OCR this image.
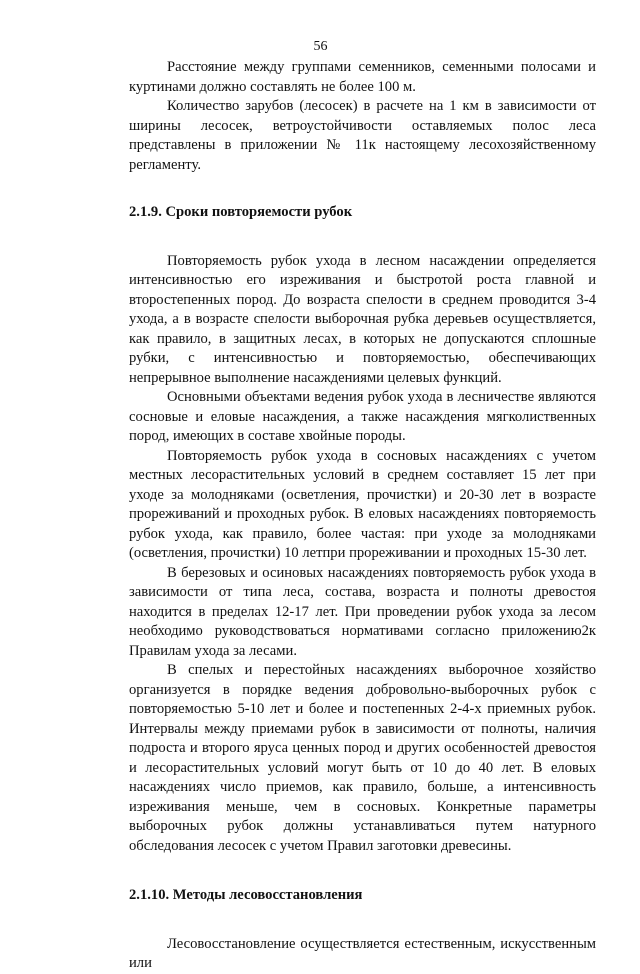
56

Расстояние между группами семенников, семенными полосами и куртинами должно составлять не более 100 м.

Количество зарубов (лесосек) в расчете на 1 км в зависимости от ширины лесосек, ветроустойчивости оставляемых полос леса представлены в приложении № 11к настоящему лесохозяйственному регламенту.

2.1.9. Сроки повторяемости рубок

Повторяемость рубок ухода в лесном насаждении определяется интенсивностью его изреживания и быстротой роста главной и второстепенных пород. До возраста спелости в среднем проводится 3-4 ухода, а в возрасте спелости выборочная рубка деревьев осуществляется, как правило, в защитных лесах, в которых не допускаются сплошные рубки, с интенсивностью и повторяемостью, обеспечивающих непрерывное выполнение насаждениями целевых функций.

Основными объектами ведения рубок ухода в лесничестве являются сосновые и еловые насаждения, а также насаждения мягколиственных пород, имеющих в составе хвойные породы.

Повторяемость рубок ухода в сосновых насаждениях с учетом местных лесорастительных условий в среднем составляет 15 лет при уходе за молодняками (осветления, прочистки) и 20-30 лет в возрасте прореживаний и проходных рубок. В еловых насаждениях повторяемость рубок ухода, как правило, более частая: при уходе за молодняками (осветления, прочистки) 10 летпри прореживании и проходных 15-30 лет.

В березовых и осиновых насаждениях повторяемость рубок ухода в зависимости от типа леса, состава, возраста и полноты древостоя находится в пределах 12-17 лет. При проведении рубок ухода за лесом необходимо руководствоваться нормативами согласно приложению2к Правилам ухода за лесами.

В спелых и перестойных насаждениях выборочное хозяйство организуется в порядке ведения добровольно-выборочных рубок с повторяемостью 5-10 лет и более и постепенных 2-4-х приемных рубок. Интервалы между приемами рубок в зависимости от полноты, наличия подроста и второго яруса ценных пород и других особенностей древостоя и лесорастительных условий могут быть от 10 до 40 лет. В еловых насаждениях число приемов, как правило, больше, а интенсивность изреживания меньше, чем в сосновых. Конкретные параметры выборочных рубок должны устанавливаться путем натурного обследования лесосек с учетом Правил заготовки древесины.

2.1.10. Методы лесовосстановления

Лесовосстановление осуществляется естественным, искусственным или
